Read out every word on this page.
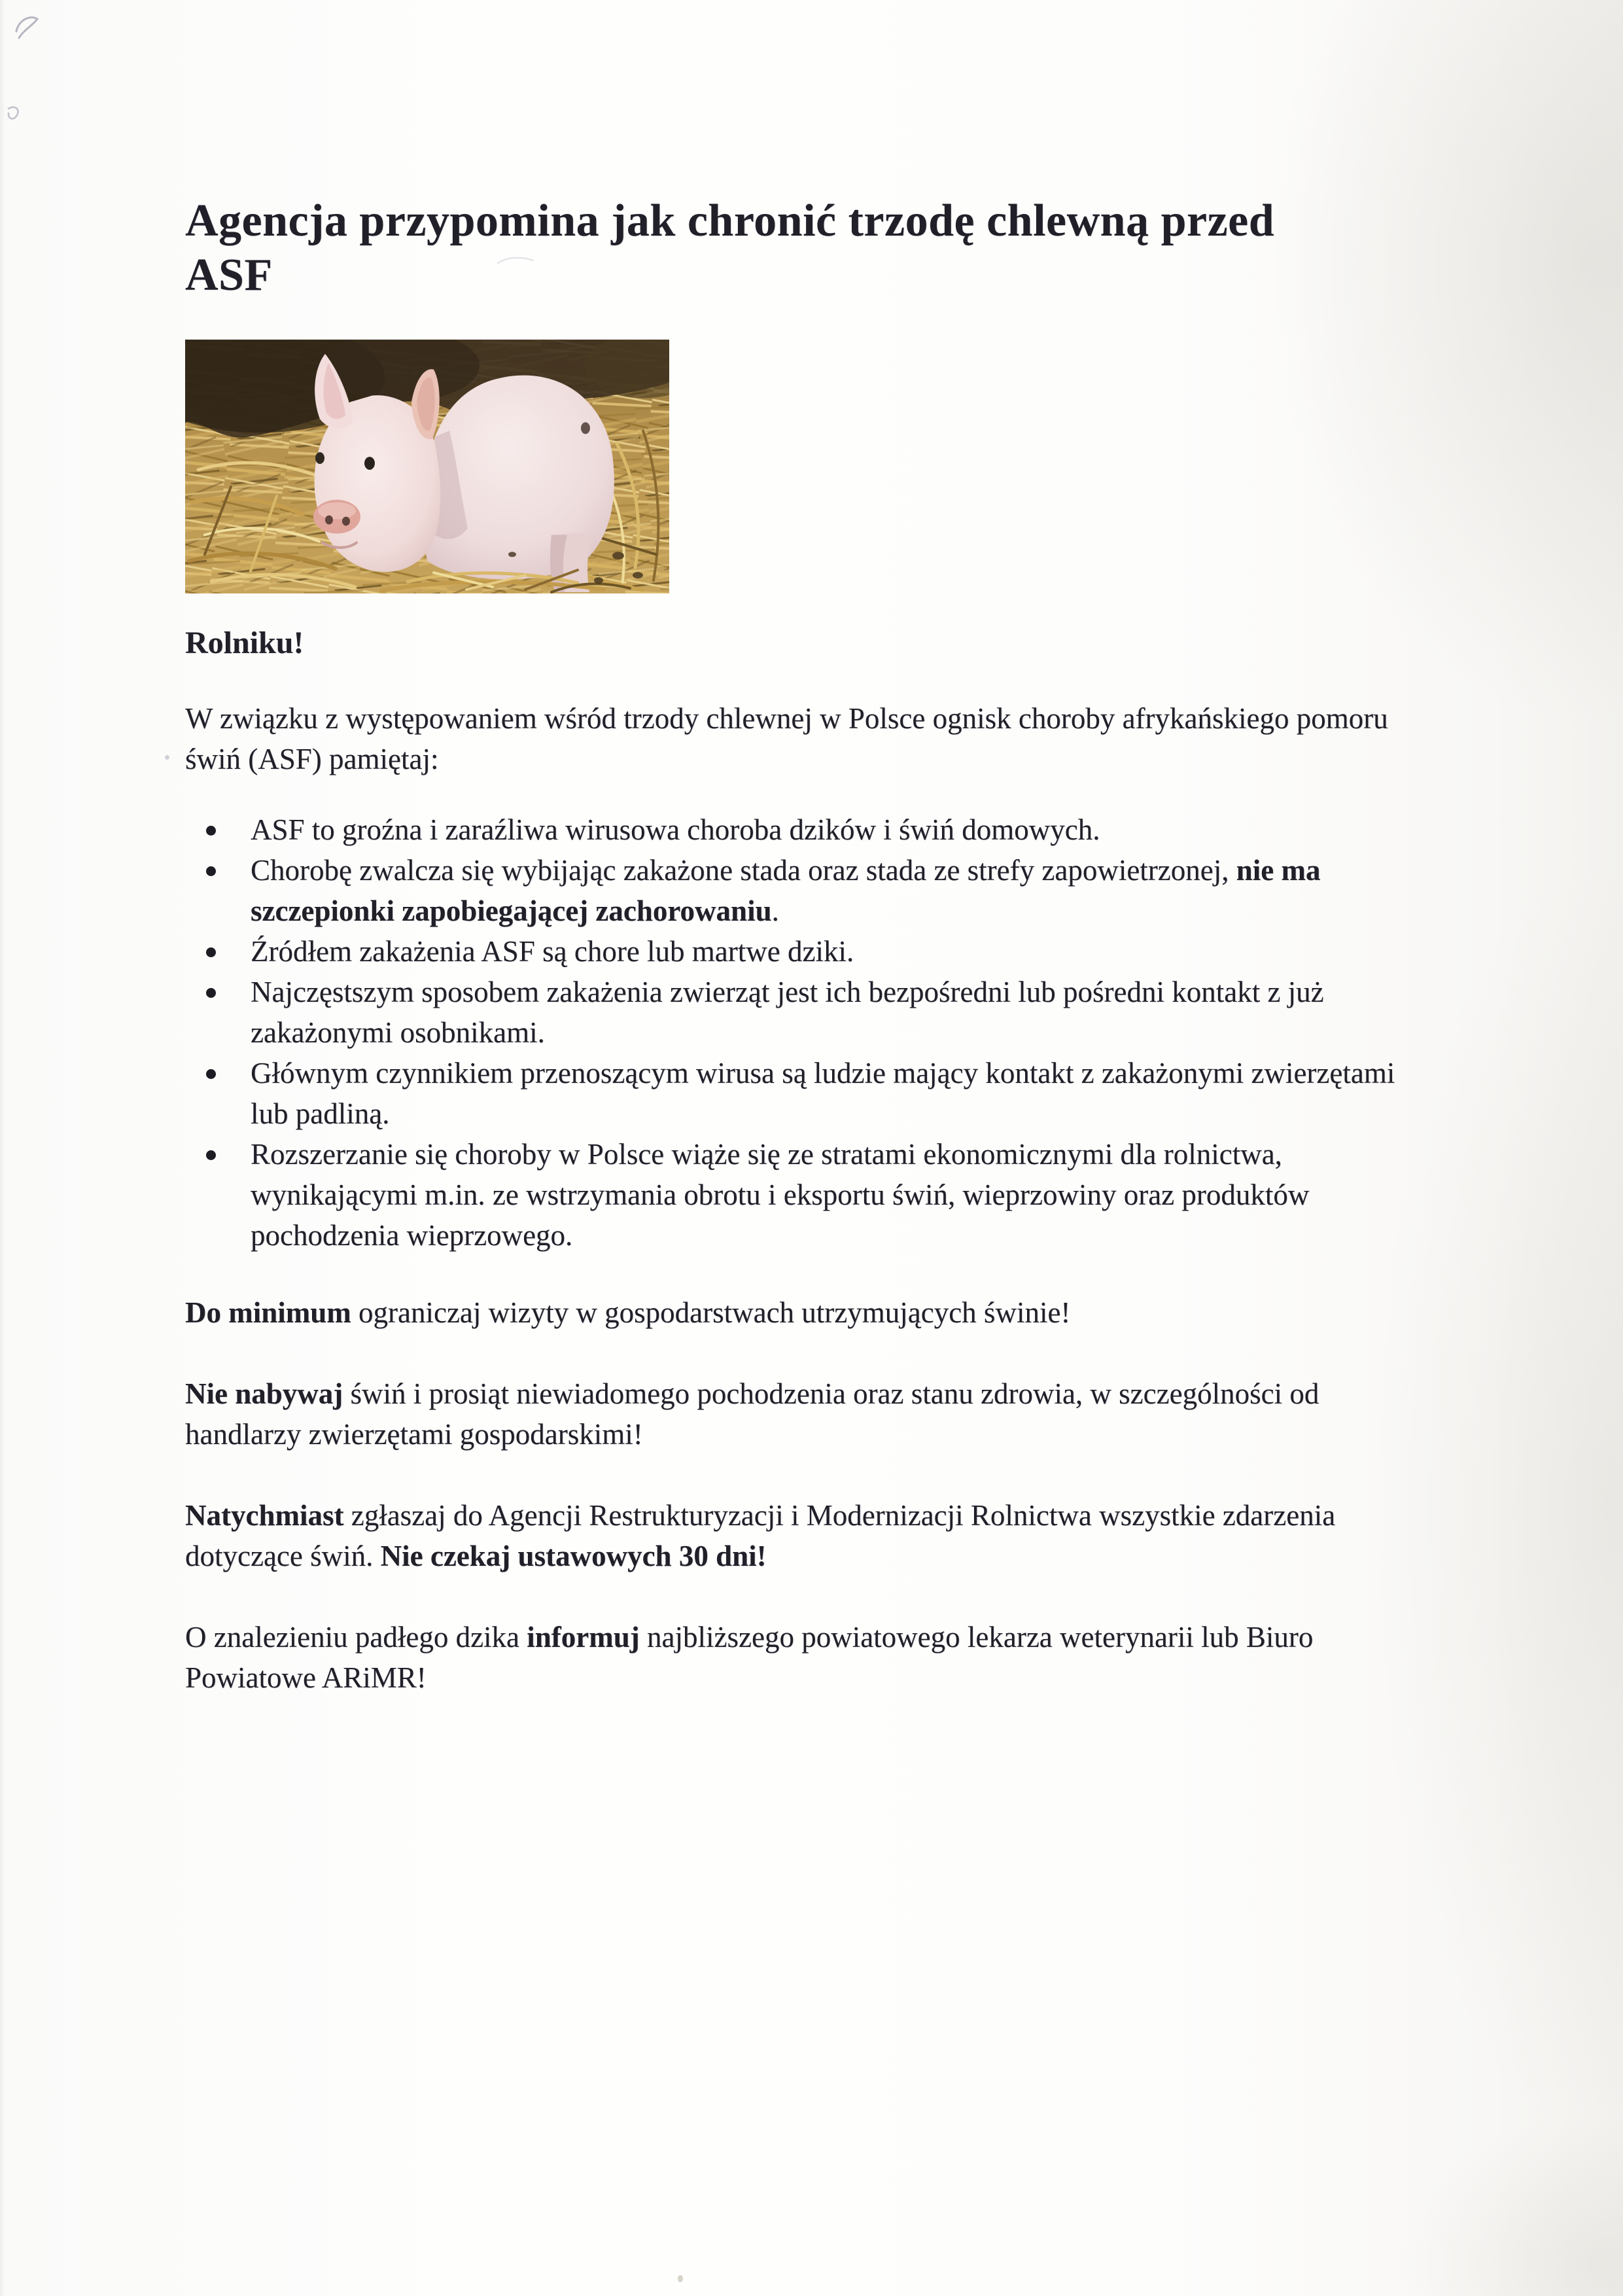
Agencja przypomina jak chronić trzodę chlewną przed
ASF

Rolniku!

W związku z występowaniem wśród trzody chlewnej w Polsce ognisk choroby afrykańskiego pomoru świń (ASF) pamiętaj:

ASF to groźna i zaraźliwa wirusowa choroba dzików i świń domowych.
Chorobę zwalcza się wybijając zakażone stada oraz stada ze strefy zapowietrzonej, nie ma szczepionki zapobiegającej zachorowaniu.
Źródłem zakażenia ASF są chore lub martwe dziki.
Najczęstszym sposobem zakażenia zwierząt jest ich bezpośredni lub pośredni kontakt z już zakażonymi osobnikami.
Głównym czynnikiem przenoszącym wirusa są ludzie mający kontakt z zakażonymi zwierzętami lub padliną.
Rozszerzanie się choroby w Polsce wiąże się ze stratami ekonomicznymi dla rolnictwa, wynikającymi m.in. ze wstrzymania obrotu i eksportu świń, wieprzowiny oraz produktów pochodzenia wieprzowego.

Do minimum ograniczaj wizyty w gospodarstwach utrzymujących świnie!

Nie nabywaj świń i prosiąt niewiadomego pochodzenia oraz stanu zdrowia, w szczególności od handlarzy zwierzętami gospodarskimi!

Natychmiast zgłaszaj do Agencji Restrukturyzacji i Modernizacji Rolnictwa wszystkie zdarzenia dotyczące świń. Nie czekaj ustawowych 30 dni!

O znalezieniu padłego dzika informuj najbliższego powiatowego lekarza weterynarii lub Biuro Powiatowe ARiMR!
